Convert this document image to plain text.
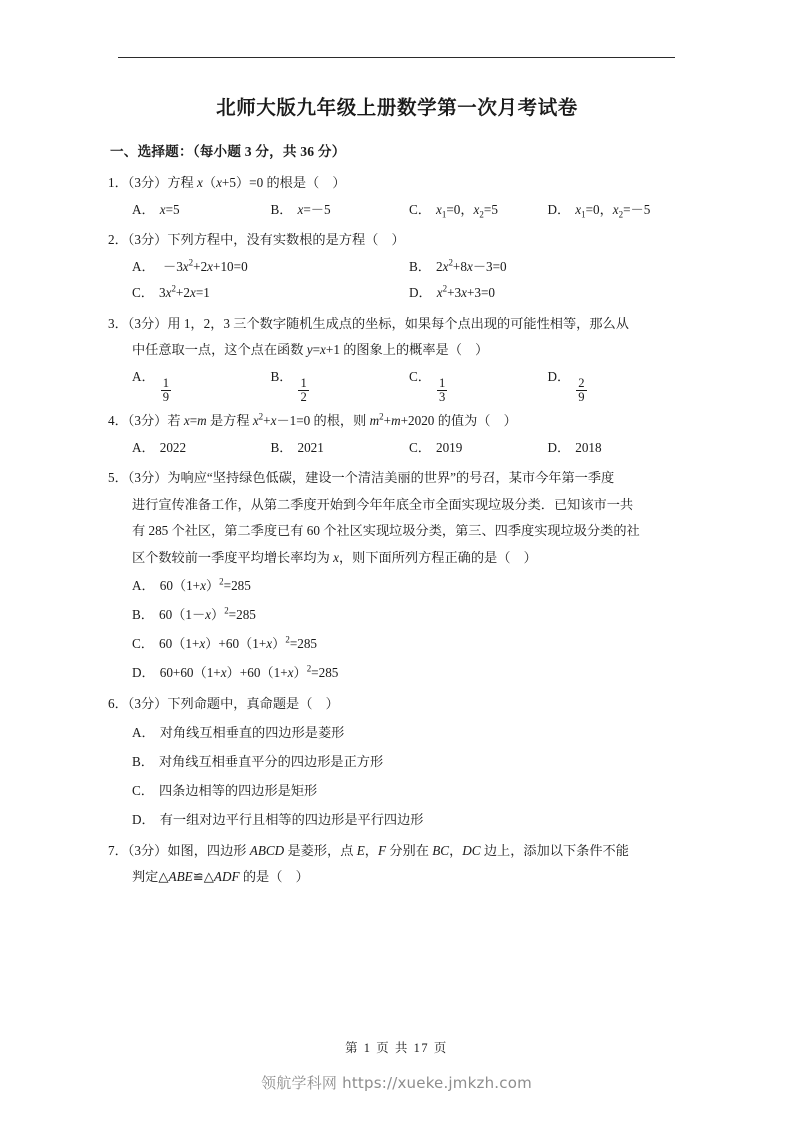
北师大版九年级上册数学第一次月考试卷
一、选择题：（每小题 3 分，共 36 分）
1．（3分）方程 x（x+5）=0 的根是（    ）
A． x=5	B． x=－5	C． $x_1=0$，$x_2=5$	D． $x_1=0$，$x_2=-5$
2．（3分）下列方程中，没有实数根的是方程（    ）
A． $-3x^2+2x+10=0$	B． $2x^2+8x-3=0$
C． $3x^2+2x=1$	D． $x^2+3x+3=0$
3．（3分）用 1，2，3 三个数字随机生成点的坐标，如果每个点出现的可能性相等，那么从
中任意取一点，这个点在函数 y=x+1 的图象上的概率是（    ）
A．
$\frac{1}{9}$
B．
$\frac{1}{2}$
C．
$\frac{1}{3}$
D．
$\frac{2}{9}$
4．（3分）若 x=m 是方程 $x^2+x-1=0$ 的根，则 $m^2+m+2020$ 的值为（    ）
A． 2022	B． 2021	C． 2019	D． 2018
5．（3分）为响应“坚持绿色低碳，建设一个清洁美丽的世界”的号召，某市今年第一季度
进行宣传准备工作，从第二季度开始到今年年底全市全面实现垃圾分类．已知该市一共
有 285 个社区，第二季度已有 60 个社区实现垃圾分类，第三、四季度实现垃圾分类的社
区个数较前一季度平均增长率均为 x，则下面所列方程正确的是（    ）
A． $60(1+x)^2=285$
B． $60(1-x)^2=285$
C． $60(1+x)+60(1+x)^2=285$
D． $60+60(1+x)+60(1+x)^2=285$
6．（3分）下列命题中，真命题是（    ）
A． 对角线互相垂直的四边形是菱形
B． 对角线互相垂直平分的四边形是正方形
C． 四条边相等的四边形是矩形
D． 有一组对边平行且相等的四边形是平行四边形
7．（3分）如图，四边形 ABCD 是菱形，点 E，F 分别在 BC，DC 边上，添加以下条件不能
判定△ABE≌△ADF 的是（    ）
第 1 页 共 17 页
领航学科网 https://xueke.jmkzh.com
